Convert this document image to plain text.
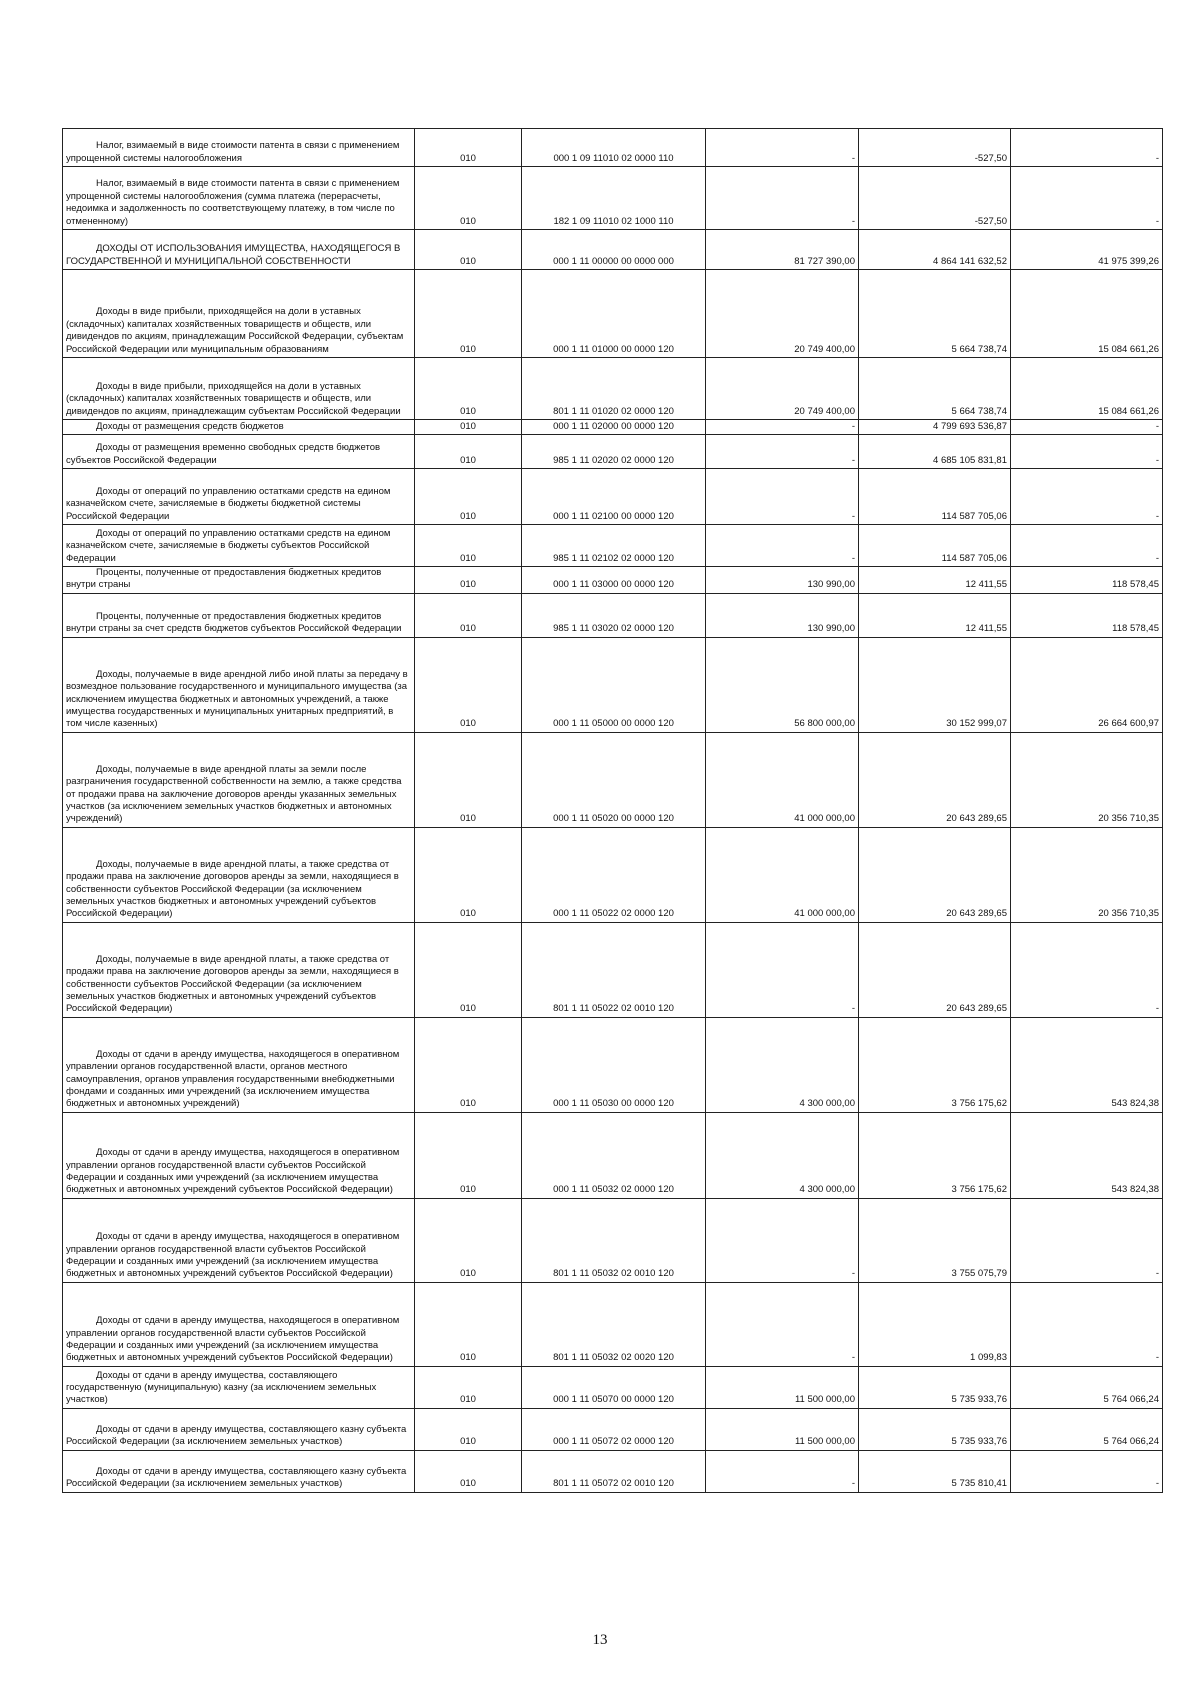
Налог, взимаемый в виде стоимости патента в связи с применением упрощенной системы налогообложения	010	000 1 09 11010 02 0000 110	-	-527,50	-

Налог, взимаемый в виде стоимости патента в связи с применением упрощенной системы налогообложения (сумма платежа (перерасчеты, недоимка и задолженность по соответствующему платежу, в том числе по отмененному)	010	182 1 09 11010 02 1000 110	-	-527,50	-

ДОХОДЫ ОТ ИСПОЛЬЗОВАНИЯ ИМУЩЕСТВА, НАХОДЯЩЕГОСЯ В ГОСУДАРСТВЕННОЙ И МУНИЦИПАЛЬНОЙ СОБСТВЕННОСТИ	010	000 1 11 00000 00 0000 000	81 727 390,00	4 864 141 632,52	41 975 399,26

Доходы в виде прибыли, приходящейся на доли в уставных (складочных) капиталах хозяйственных товариществ и обществ, или дивидендов по акциям, принадлежащим Российской Федерации, субъектам Российской Федерации или муниципальным образованиям	010	000 1 11 01000 00 0000 120	20 749 400,00	5 664 738,74	15 084 661,26

Доходы в виде прибыли, приходящейся на доли в уставных (складочных) капиталах хозяйственных товариществ и обществ, или дивидендов по акциям, принадлежащим субъектам Российской Федерации	010	801 1 11 01020 02 0000 120	20 749 400,00	5 664 738,74	15 084 661,26

Доходы от размещения средств бюджетов	010	000 1 11 02000 00 0000 120	-	4 799 693 536,87	-

Доходы от размещения временно свободных средств бюджетов субъектов Российской Федерации	010	985 1 11 02020 02 0000 120	-	4 685 105 831,81	-

Доходы от операций по управлению остатками средств на едином казначейском счете, зачисляемые в бюджеты бюджетной системы Российской Федерации	010	000 1 11 02100 00 0000 120	-	114 587 705,06	-

Доходы от операций по управлению остатками средств на едином казначейском счете, зачисляемые в бюджеты субъектов Российской Федерации	010	985 1 11 02102 02 0000 120	-	114 587 705,06	-

Проценты, полученные от предоставления бюджетных кредитов внутри страны	010	000 1 11 03000 00 0000 120	130 990,00	12 411,55	118 578,45

Проценты, полученные от предоставления бюджетных кредитов внутри страны за счет средств бюджетов субъектов Российской Федерации	010	985 1 11 03020 02 0000 120	130 990,00	12 411,55	118 578,45

Доходы, получаемые в виде арендной либо иной платы за передачу в возмездное пользование государственного и муниципального имущества (за исключением имущества бюджетных и автономных учреждений, а также имущества государственных и муниципальных унитарных предприятий, в том числе казенных)	010	000 1 11 05000 00 0000 120	56 800 000,00	30 152 999,07	26 664 600,97

Доходы, получаемые в виде арендной платы за земли после разграничения государственной собственности на землю, а также средства от продажи права на заключение договоров аренды указанных земельных участков (за исключением земельных участков бюджетных и автономных учреждений)	010	000 1 11 05020 00 0000 120	41 000 000,00	20 643 289,65	20 356 710,35

Доходы, получаемые в виде арендной платы, а также средства от продажи права на заключение договоров аренды за земли, находящиеся в собственности субъектов Российской Федерации (за исключением земельных участков бюджетных и автономных учреждений субъектов Российской Федерации)	010	000 1 11 05022 02 0000 120	41 000 000,00	20 643 289,65	20 356 710,35

Доходы, получаемые в виде арендной платы, а также средства от продажи права на заключение договоров аренды за земли, находящиеся в собственности субъектов Российской Федерации (за исключением земельных участков бюджетных и автономных учреждений субъектов Российской Федерации)	010	801 1 11 05022 02 0010 120	-	20 643 289,65	-

Доходы от сдачи в аренду имущества, находящегося в оперативном управлении органов государственной власти, органов местного самоуправления, органов управления государственными внебюджетными фондами и созданных ими учреждений (за исключением имущества бюджетных и автономных учреждений)	010	000 1 11 05030 00 0000 120	4 300 000,00	3 756 175,62	543 824,38

Доходы от сдачи в аренду имущества, находящегося в оперативном управлении органов государственной власти субъектов Российской Федерации и созданных ими учреждений (за исключением имущества бюджетных и автономных учреждений субъектов Российской Федерации)	010	000 1 11 05032 02 0000 120	4 300 000,00	3 756 175,62	543 824,38

Доходы от сдачи в аренду имущества, находящегося в оперативном управлении органов государственной власти субъектов Российской Федерации и созданных ими учреждений (за исключением имущества бюджетных и автономных учреждений субъектов Российской Федерации)	010	801 1 11 05032 02 0010 120	-	3 755 075,79	-

Доходы от сдачи в аренду имущества, находящегося в оперативном управлении органов государственной власти субъектов Российской Федерации и созданных ими учреждений (за исключением имущества бюджетных и автономных учреждений субъектов Российской Федерации)	010	801 1 11 05032 02 0020 120	-	1 099,83	-

Доходы от сдачи в аренду имущества, составляющего государственную (муниципальную) казну (за исключением земельных участков)	010	000 1 11 05070 00 0000 120	11 500 000,00	5 735 933,76	5 764 066,24

Доходы от сдачи в аренду имущества, составляющего казну субъекта Российской Федерации (за исключением земельных участков)	010	000 1 11 05072 02 0000 120	11 500 000,00	5 735 933,76	5 764 066,24

Доходы от сдачи в аренду имущества, составляющего казну субъекта Российской Федерации (за исключением земельных участков)	010	801 1 11 05072 02 0010 120	-	5 735 810,41	-
13
